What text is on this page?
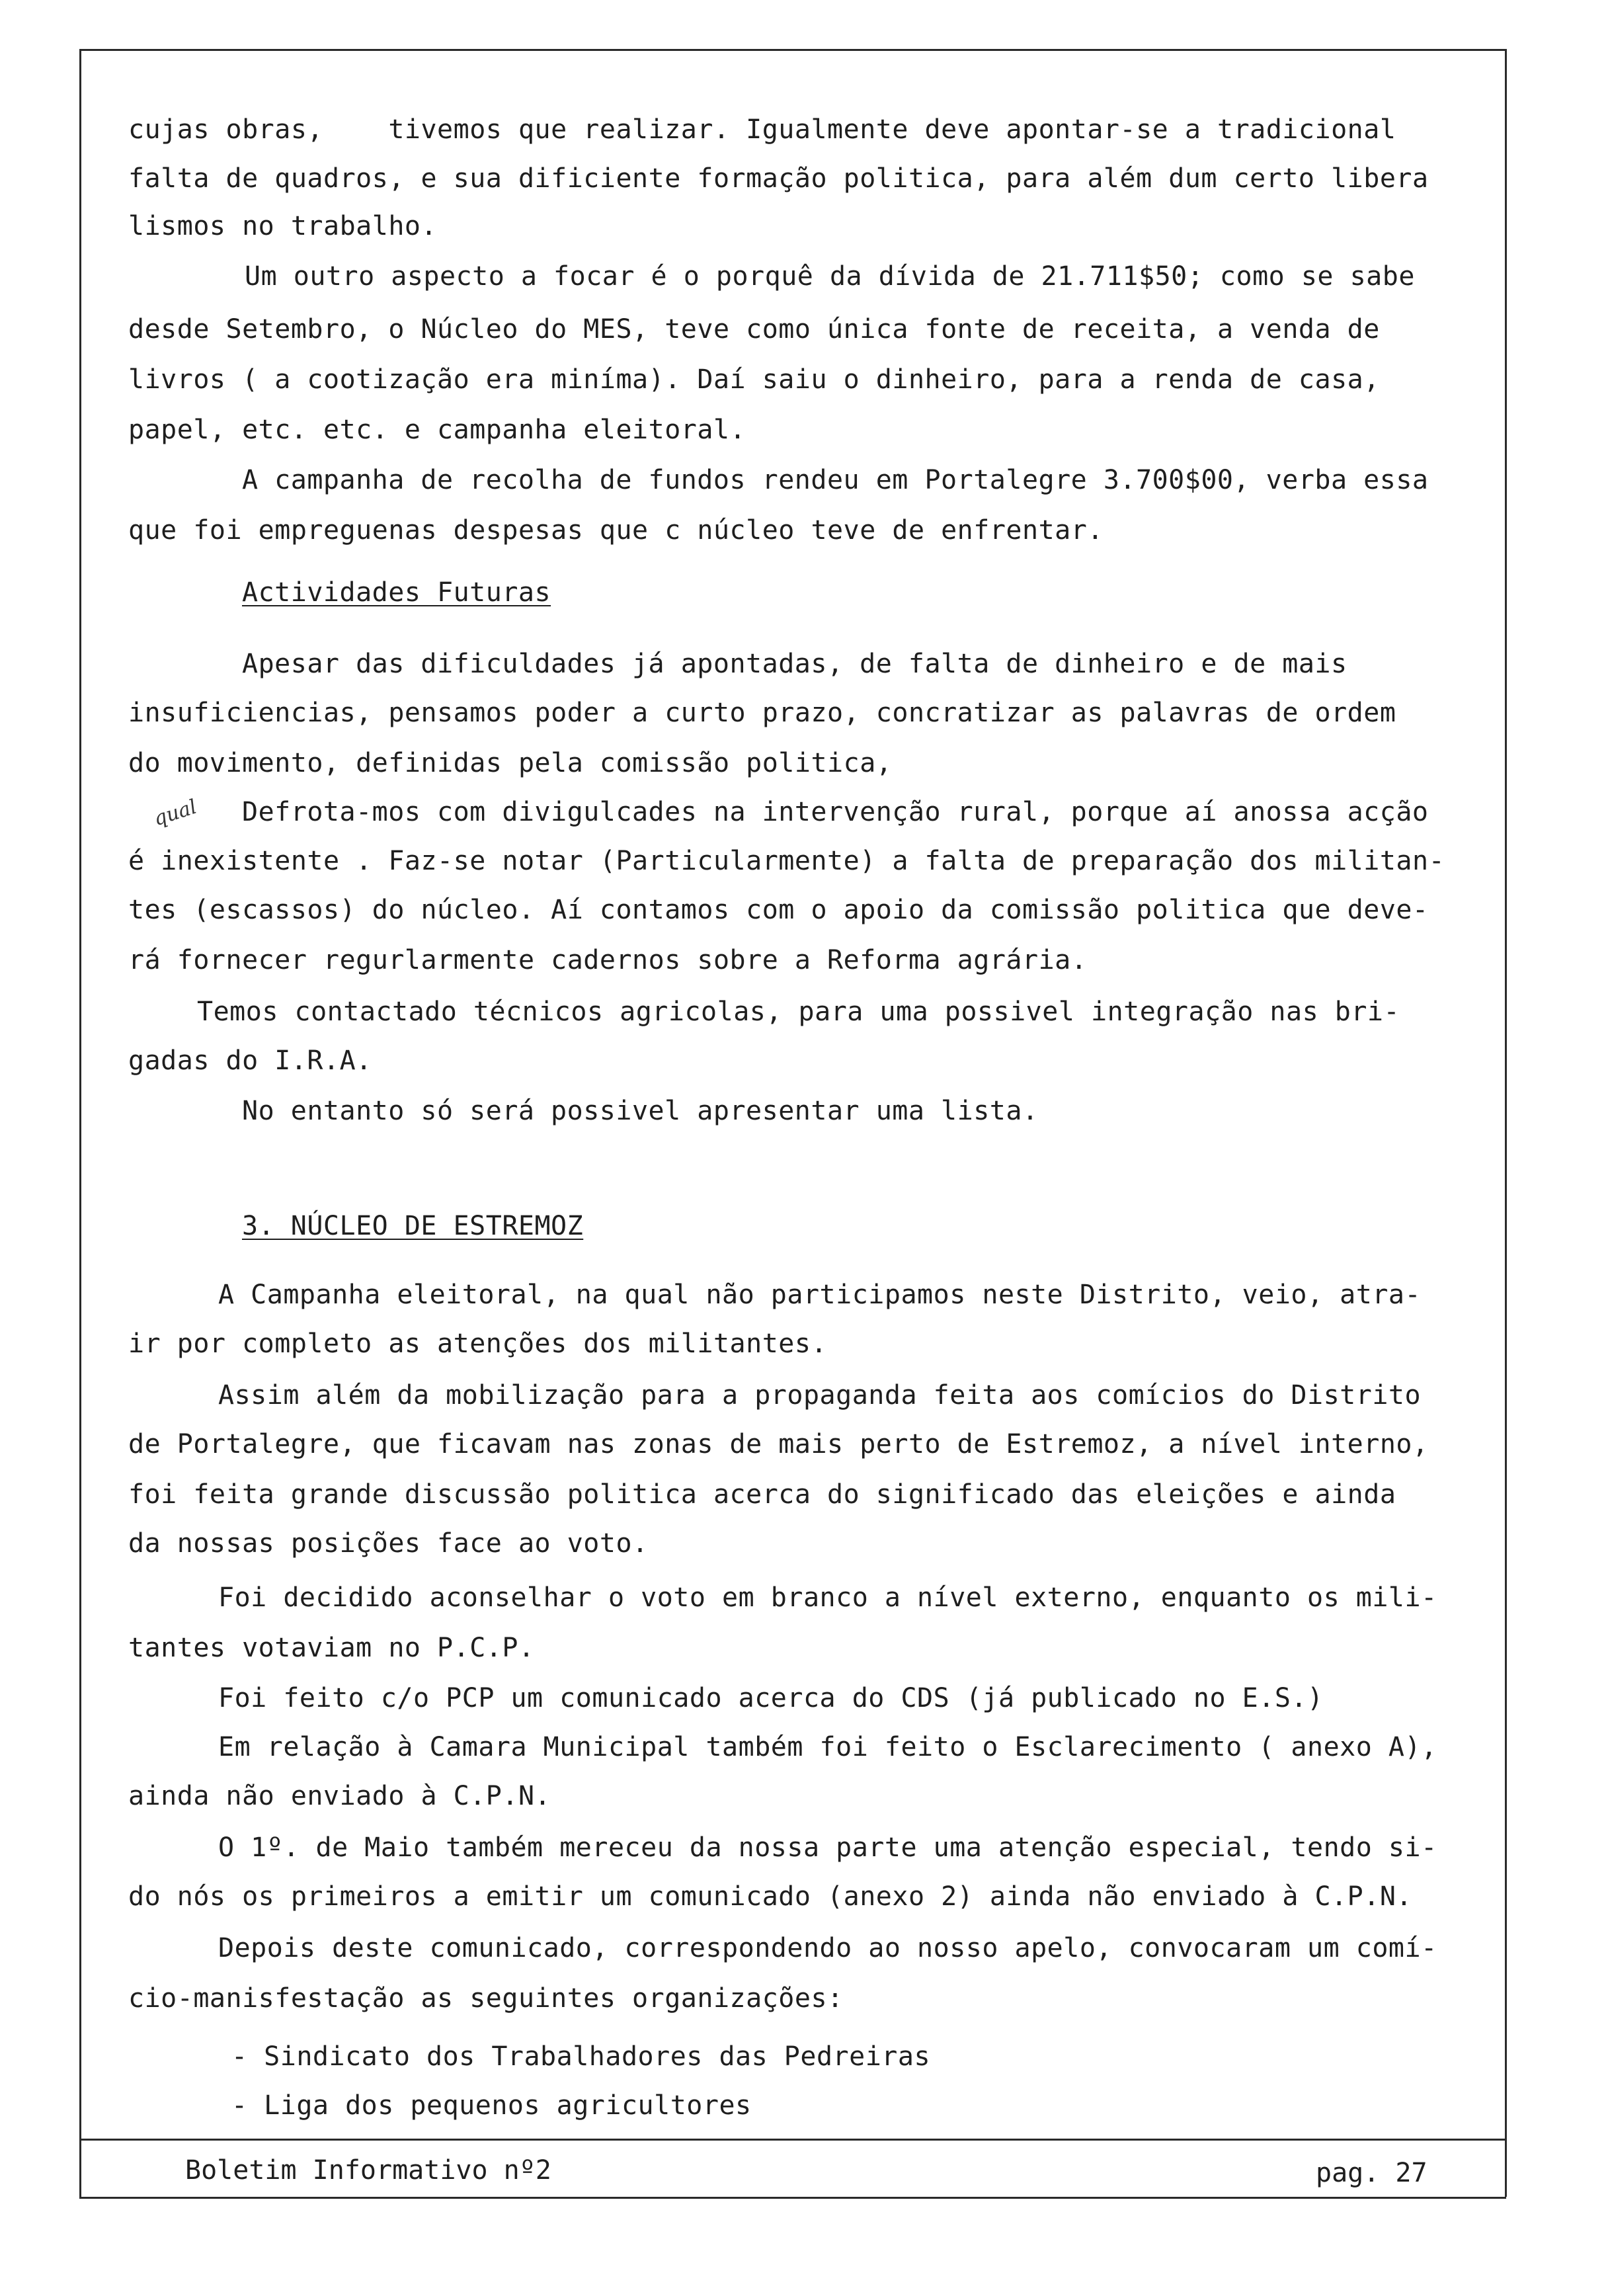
cujas obras,    tivemos que realizar. Igualmente deve apontar-se a tradicional
falta de quadros, e sua dificiente formação politica, para além dum certo libera
lismos no trabalho.
Um outro aspecto a focar é o porquê da dívida de 21.711$50; como se sabe
desde Setembro, o Núcleo do MES, teve como única fonte de receita, a venda de
livros ( a cootização era miníma). Daí saiu o dinheiro, para a renda de casa,
papel, etc. etc. e campanha eleitoral.
A campanha de recolha de fundos rendeu em Portalegre 3.700$00, verba essa
que foi empreguenas despesas que c núcleo teve de enfrentar.
Actividades Futuras
Apesar das dificuldades já apontadas, de falta de dinheiro e de mais
insuficiencias, pensamos poder a curto prazo, concratizar as palavras de ordem
do movimento, definidas pela comissão politica,
Defrota-mos com divigulcades na intervenção rural, porque aí anossa acção
é inexistente . Faz-se notar (Particularmente) a falta de preparação dos militan-
tes (escassos) do núcleo. Aí contamos com o apoio da comissão politica que deve-
rá fornecer regurlarmente cadernos sobre a Reforma agrária.
Temos contactado técnicos agricolas, para uma possivel integração nas bri-
gadas do I.R.A.
No entanto só será possivel apresentar uma lista.
3. NÚCLEO DE ESTREMOZ
A Campanha eleitoral, na qual não participamos neste Distrito, veio, atra-
ir por completo as atenções dos militantes.
Assim além da mobilização para a propaganda feita aos comícios do Distrito
de Portalegre, que ficavam nas zonas de mais perto de Estremoz, a nível interno,
foi feita grande discussão politica acerca do significado das eleições e ainda
da nossas posições face ao voto.
Foi decidido aconselhar o voto em branco a nível externo, enquanto os mili-
tantes votaviam no P.C.P.
Foi feito c/o PCP um comunicado acerca do CDS (já publicado no E.S.)
Em relação à Camara Municipal também foi feito o Esclarecimento ( anexo A),
ainda não enviado à C.P.N.
O 1º. de Maio também mereceu da nossa parte uma atenção especial, tendo si-
do nós os primeiros a emitir um comunicado (anexo 2) ainda não enviado à C.P.N.
Depois deste comunicado, correspondendo ao nosso apelo, convocaram um comí-
cio-manisfestação as seguintes organizações:
- Sindicato dos Trabalhadores das Pedreiras
- Liga dos pequenos agricultores
qual
Boletim Informativo nº2	pag. 27
